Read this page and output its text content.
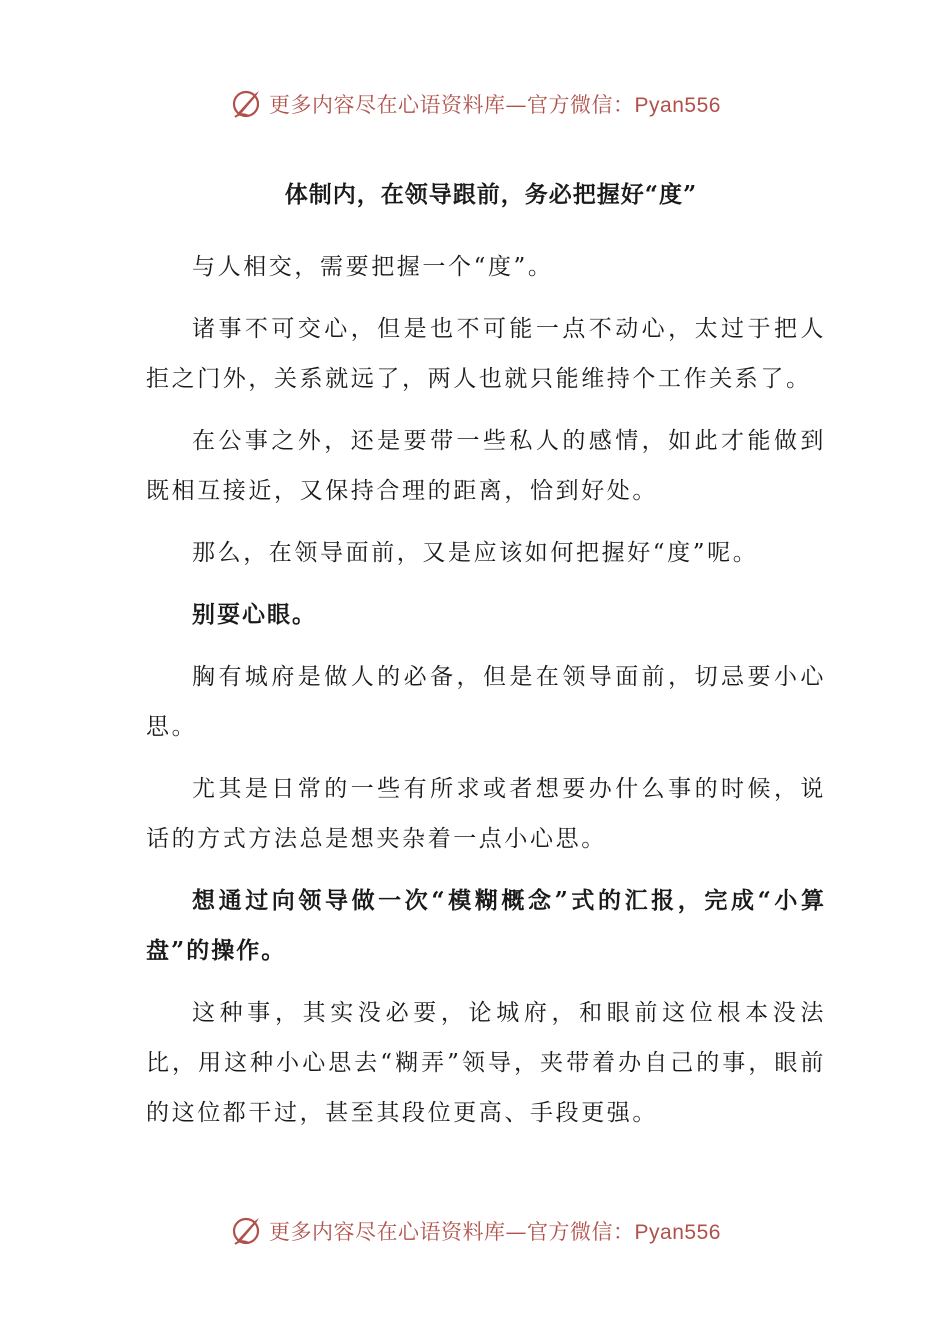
更多内容尽在心语资料库—官方微信：Pyan556
体制内，在领导跟前，务必把握好“度”

与人相交，需要把握一个“度”。

诸事不可交心，但是也不可能一点不动心，太过于把人拒之门外，关系就远了，两人也就只能维持个工作关系了。

在公事之外，还是要带一些私人的感情，如此才能做到既相互接近，又保持合理的距离，恰到好处。

那么，在领导面前，又是应该如何把握好“度”呢。

别耍心眼。

胸有城府是做人的必备，但是在领导面前，切忌要小心思。

尤其是日常的一些有所求或者想要办什么事的时候，说话的方式方法总是想夹杂着一点小心思。

想通过向领导做一次“模糊概念”式的汇报，完成“小算盘”的操作。

这种事，其实没必要，论城府，和眼前这位根本没法比，用这种小心思去“糊弄”领导，夹带着办自己的事，眼前的这位都干过，甚至其段位更高、手段更强。

更多内容尽在心语资料库—官方微信：Pyan556
